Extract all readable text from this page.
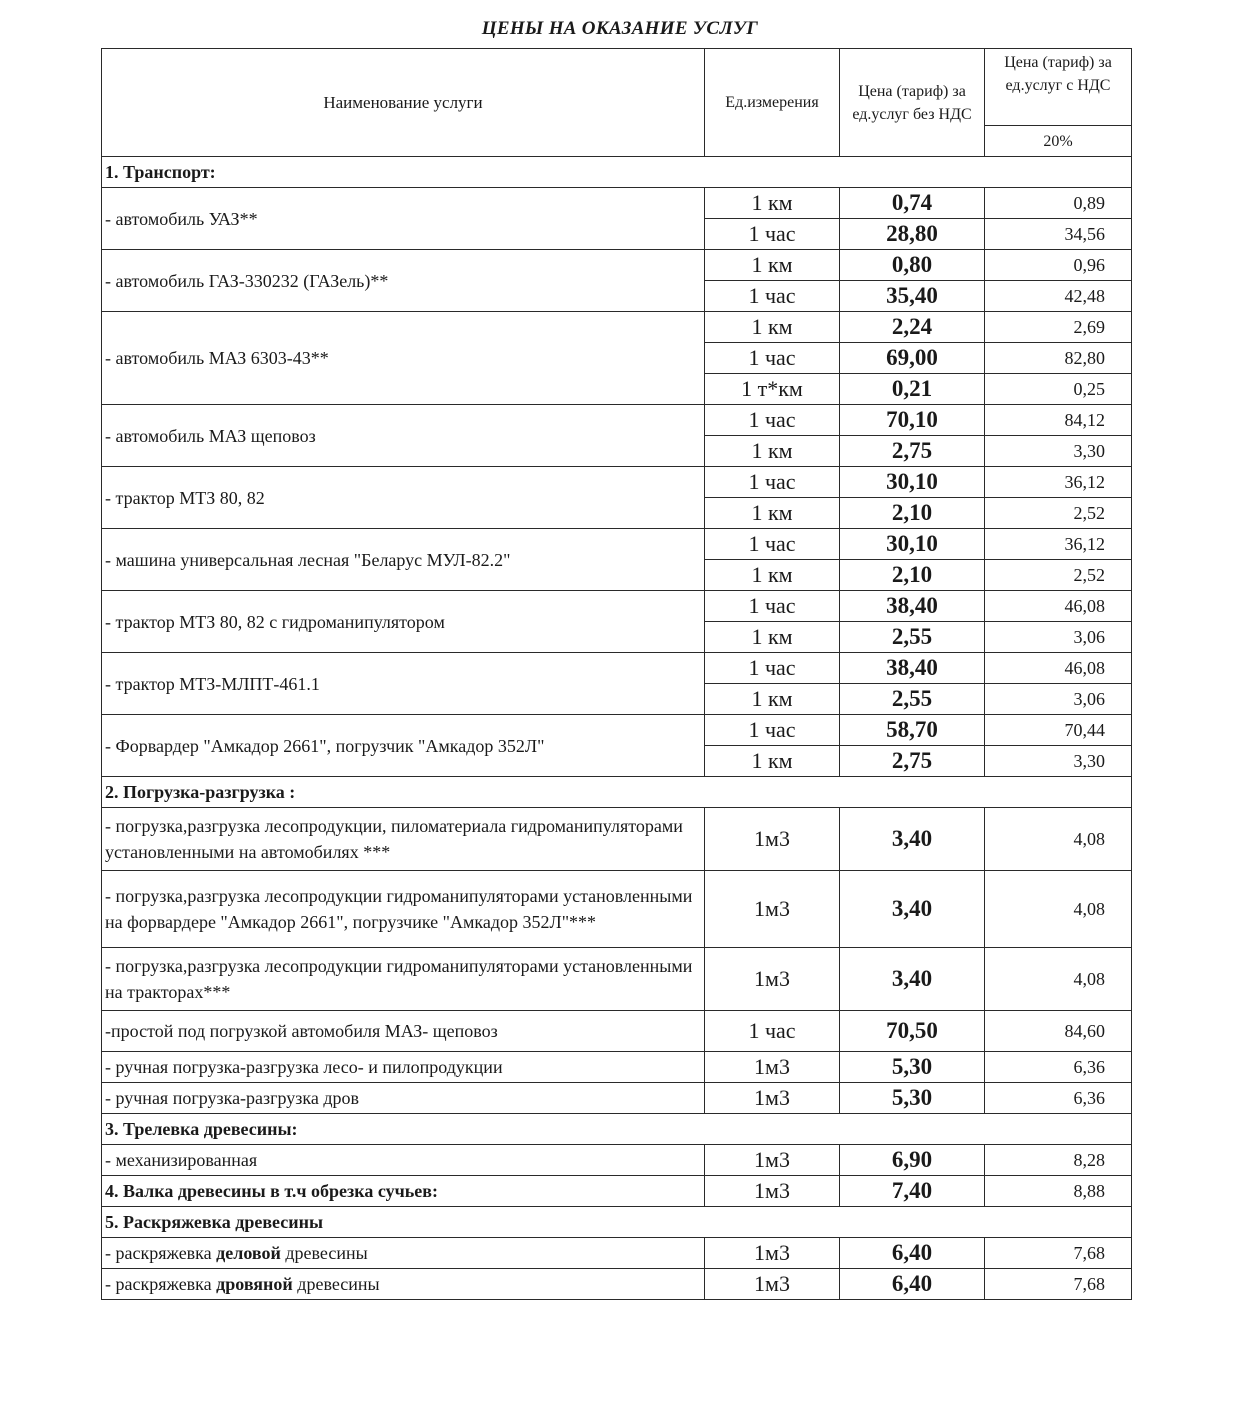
ЦЕНЫ НА ОКАЗАНИЕ УСЛУГ
Наименование услуги	Ед.измерения	Цена (тариф) за ед.услуг без НДС	Цена (тариф) за ед.услуг с НДС
			20%
1. Транспорт:			
- автомобиль УАЗ**	1 км	0,74	0,89
	1 час	28,80	34,56
- автомобиль ГАЗ-330232 (ГАЗель)**	1 км	0,80	0,96
	1 час	35,40	42,48
- автомобиль МАЗ 6303-43**	1 км	2,24	2,69
	1 час	69,00	82,80
	1 т*км	0,21	0,25
- автомобиль МАЗ щеповоз	1 час	70,10	84,12
	1 км	2,75	3,30
- трактор МТЗ 80, 82	1 час	30,10	36,12
	1 км	2,10	2,52
- машина универсальная лесная "Беларус МУЛ-82.2"	1 час	30,10	36,12
	1 км	2,10	2,52
- трактор МТЗ 80, 82 с гидроманипулятором	1 час	38,40	46,08
	1 км	2,55	3,06
- трактор МТЗ-МЛПТ-461.1	1 час	38,40	46,08
	1 км	2,55	3,06
- Форвардер "Амкадор 2661", погрузчик "Амкадор 352Л"	1 час	58,70	70,44
	1 км	2,75	3,30
2. Погрузка-разгрузка :			
- погрузка,разгрузка лесопродукции, пиломатериала гидроманипуляторами установленными на автомобилях ***	1м3	3,40	4,08
- погрузка,разгрузка лесопродукции гидроманипуляторами установленными на форвардере "Амкадор 2661", погрузчике "Амкадор 352Л"***	1м3	3,40	4,08
- погрузка,разгрузка лесопродукции гидроманипуляторами установленными на тракторах***	1м3	3,40	4,08
-простой под погрузкой автомобиля МАЗ- щеповоз	1 час	70,50	84,60
- ручная погрузка-разгрузка лесо- и пилопродукции	1м3	5,30	6,36
- ручная погрузка-разгрузка дров	1м3	5,30	6,36
3. Трелевка древесины:			
- механизированная	1м3	6,90	8,28
4. Валка древесины в т.ч обрезка сучьев:	1м3	7,40	8,88
5. Раскряжевка древесины			
- раскряжевка деловой древесины	1м3	6,40	7,68
- раскряжевка дровяной древесины	1м3	6,40	7,68
